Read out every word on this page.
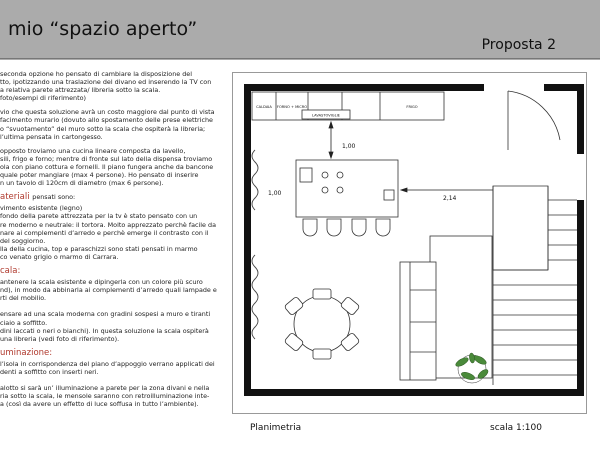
mio “spazio aperto”
Proposta 2

seconda opzione ho pensato di cambiare la disposizione del
tto, ipotizzando una traslazione del divano ed inserendo la TV con
a relativa parete attrezzata/ libreria sotto la scala.
foto/esempi di riferimento)

vio che questa soluzione avrà un costo maggiore dal punto di vista
facimento murario (dovuto allo spostamento delle prese elettriche
o “svuotamento” del muro sotto la scala che ospiterà la libreria;
l’ultima pensata in cartongesso.

opposto troviamo una cucina lineare composta da lavello,
sili, frigo e forno; mentre di fronte sul lato della dispensa troviamo
ola con piano cottura e fornelli. Il piano fungera anche da bancone
quale poter mangiare (max 4 persone). Ho pensato di inserire
n un tavolo di 120cm di diametro (max 6 persone).

ateriali pensati sono:

vimento esistente (legno)
fondo della parete attrezzata per la tv è stato pensato con un
re moderno e neutrale: il tortora. Molto apprezzato perchè facile da
nare ai complementi d’arredo e perchè emerge il contrasto con il
del soggiorno.
lla della cucina, top e paraschizzi sono stati pensati in marmo
co venato grigio o marmo di Carrara.

cala:

antenere la scala esistente e dipingerla con un colore più scuro
nd), in modo da abbinarla ai complementi d’arredo quali lampade e
rti del mobilio.

ensare ad una scala moderna con gradini sospesi a muro e tiranti
ciaio a soffitto.
dini laccati o neri o bianchi). In questa soluzione la scala ospiterà
una libreria (vedi foto di riferimento).

uminazione:

l’isola in corrispondenza del piano d’appoggio verrano applicati dei
denti a soffitto con inserti neri.

alotto si sarà un’ illuminazione a parete per la zona divani e nella
ria sotto la scala, le mensole saranno con retroilluminazione inte-
a (così da avere un effetto di luce soffusa in tutto l’ambiente).

CALDAIA FORNO + MICRO	FRIGO
LAVASTOVIGLIE
1,00
1,00
2,14
Planimetria	scala 1:100
